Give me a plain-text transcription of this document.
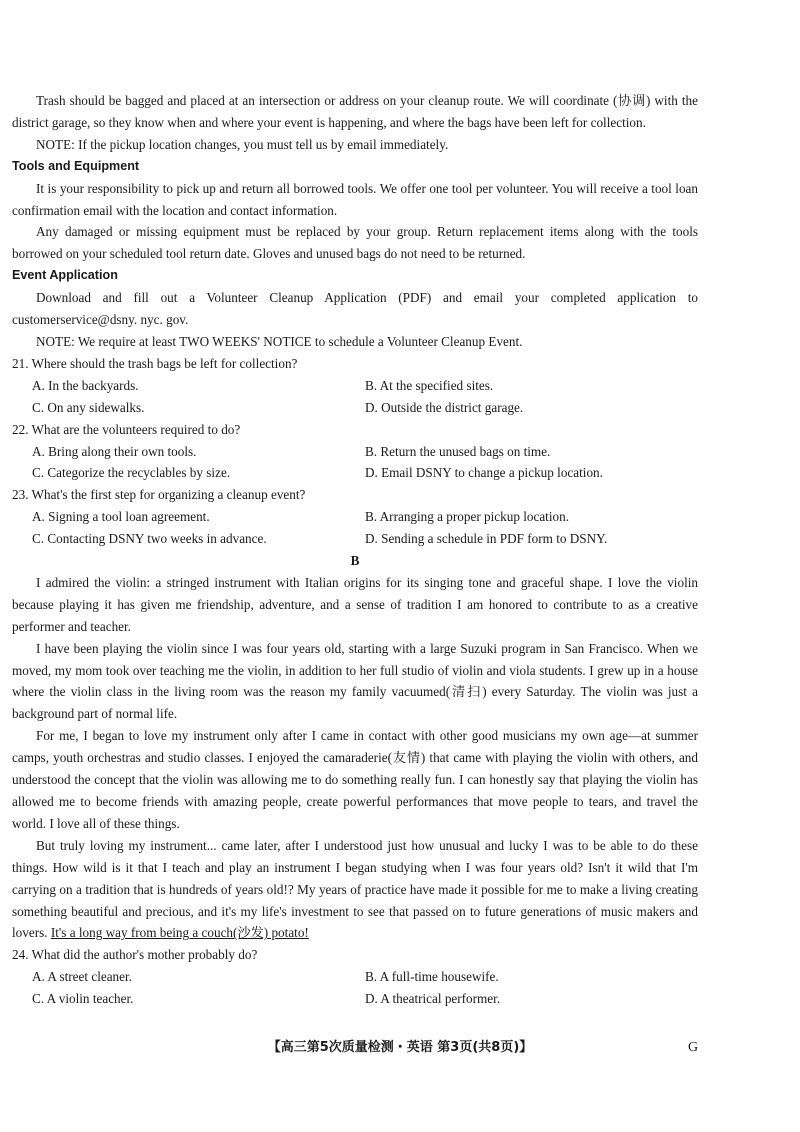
Trash should be bagged and placed at an intersection or address on your cleanup route. We will coordinate (协调) with the district garage, so they know when and where your event is happening, and where the bags have been left for collection.

NOTE: If the pickup location changes, you must tell us by email immediately.

Tools and Equipment

It is your responsibility to pick up and return all borrowed tools. We offer one tool per volunteer. You will receive a tool loan confirmation email with the location and contact information.

Any damaged or missing equipment must be replaced by your group. Return replacement items along with the tools borrowed on your scheduled tool return date. Gloves and unused bags do not need to be returned.

Event Application

Download and fill out a Volunteer Cleanup Application (PDF) and email your completed application to customerservice@dsny. nyc. gov.

NOTE: We require at least TWO WEEKS' NOTICE to schedule a Volunteer Cleanup Event.

21. Where should the trash bags be left for collection?

A. In the backyards.	B. At the specified sites.
C. On any sidewalks.	D. Outside the district garage.

22. What are the volunteers required to do?

A. Bring along their own tools.	B. Return the unused bags on time.
C. Categorize the recyclables by size.	D. Email DSNY to change a pickup location.

23. What's the first step for organizing a cleanup event?

A. Signing a tool loan agreement.	B. Arranging a proper pickup location.
C. Contacting DSNY two weeks in advance.	D. Sending a schedule in PDF form to DSNY.

B

I admired the violin: a stringed instrument with Italian origins for its singing tone and graceful shape. I love the violin because playing it has given me friendship, adventure, and a sense of tradition I am honored to contribute to as a creative performer and teacher.

I have been playing the violin since I was four years old, starting with a large Suzuki program in San Francisco. When we moved, my mom took over teaching me the violin, in addition to her full studio of violin and viola students. I grew up in a house where the violin class in the living room was the reason my family vacuumed(清扫) every Saturday. The violin was just a background part of normal life.

For me, I began to love my instrument only after I came in contact with other good musicians my own age—at summer camps, youth orchestras and studio classes. I enjoyed the camaraderie(友情) that came with playing the violin with others, and understood the concept that the violin was allowing me to do something really fun. I can honestly say that playing the violin has allowed me to become friends with amazing people, create powerful performances that move people to tears, and travel the world. I love all of these things.

But truly loving my instrument... came later, after I understood just how unusual and lucky I was to be able to do these things. How wild is it that I teach and play an instrument I began studying when I was four years old? Isn't it wild that I'm carrying on a tradition that is hundreds of years old!? My years of practice have made it possible for me to make a living creating something beautiful and precious, and it's my life's investment to see that passed on to future generations of music makers and lovers. It's a long way from being a couch(沙发) potato!

24. What did the author's mother probably do?

A. A street cleaner.	B. A full-time housewife.
C. A violin teacher.	D. A theatrical performer.
【高三第5次质量检测・英语 第3页(共8页)】	G
